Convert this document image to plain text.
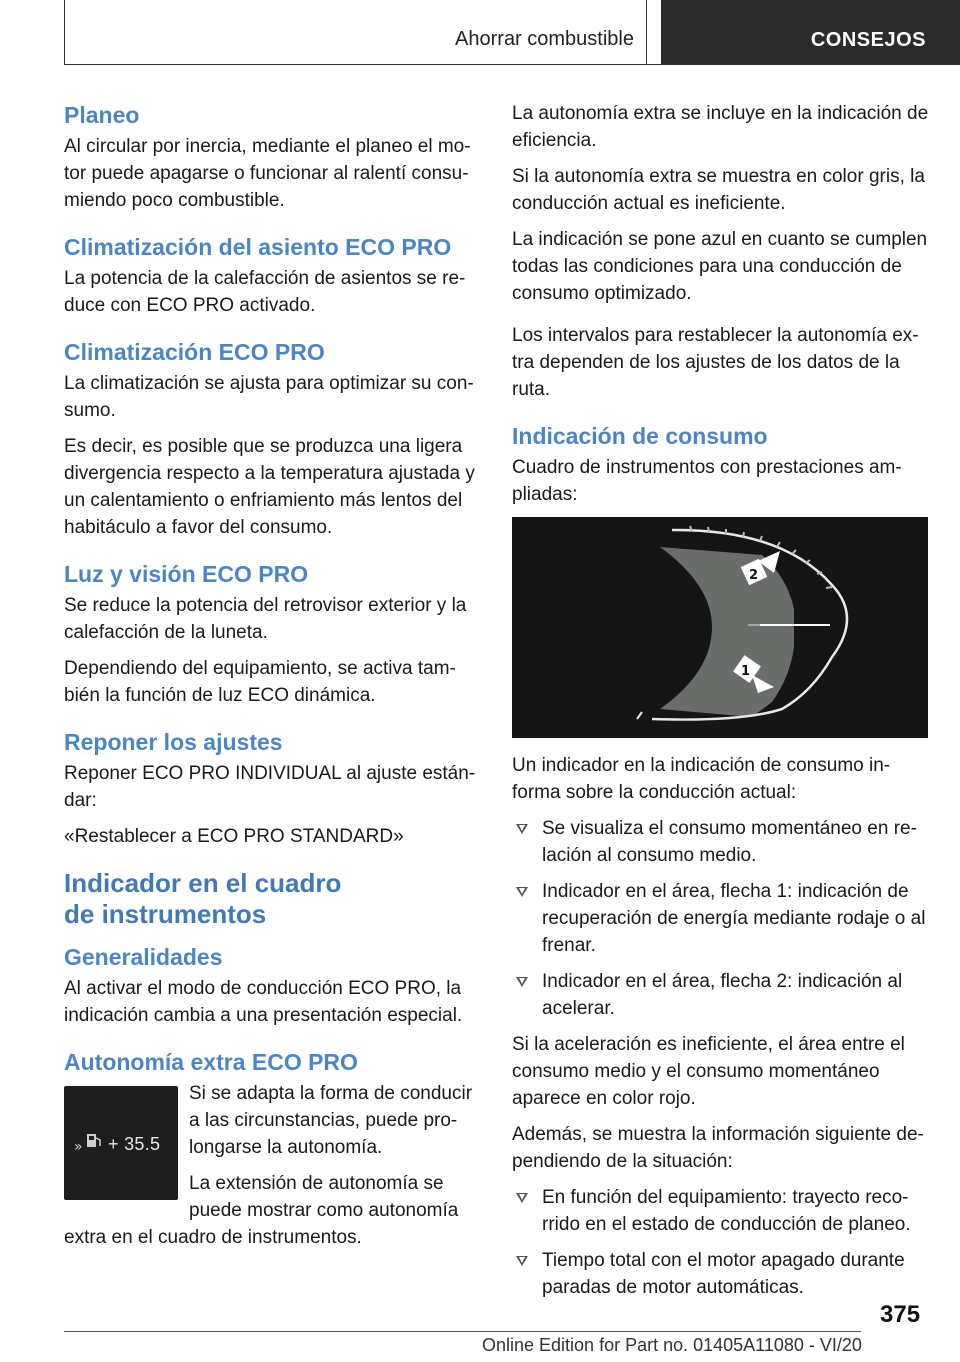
Ahorrar combustible	CONSEJOS
Planeo

Al circular por inercia, mediante el planeo el mo-tor puede apagarse o funcionar al ralentí consu-miendo poco combustible.

Climatización del asiento ECO PRO

La potencia de la calefacción de asientos se re-duce con ECO PRO activado.

Climatización ECO PRO

La climatización se ajusta para optimizar su con-sumo.

Es decir, es posible que se produzca una ligera divergencia respecto a la temperatura ajustada y un calentamiento o enfriamiento más lentos del habitáculo a favor del consumo.

Luz y visión ECO PRO

Se reduce la potencia del retrovisor exterior y la calefacción de la luneta.

Dependiendo del equipamiento, se activa tam-bién la función de luz ECO dinámica.

Reponer los ajustes

Reponer ECO PRO INDIVIDUAL al ajuste están-dar:

«Restablecer a ECO PRO STANDARD»

Indicador en el cuadro
de instrumentos
Generalidades

Al activar el modo de conducción ECO PRO, la indicación cambia a una presentación especial.

Autonomía extra ECO PRO
» + 35.5

Si se adapta la forma de conducir a las circunstancias, puede pro-longarse la autonomía.

La extensión de autonomía se puede mostrar como autonomía extra en el cuadro de instrumentos.

La autonomía extra se incluye en la indicación de eficiencia.

Si la autonomía extra se muestra en color gris, la conducción actual es ineficiente.

La indicación se pone azul en cuanto se cumplen todas las condiciones para una conducción de consumo optimizado.

Los intervalos para restablecer la autonomía ex-tra dependen de los ajustes de los datos de la ruta.

Indicación de consumo

Cuadro de instrumentos con prestaciones am-pliadas:

2
1

Un indicador en la indicación de consumo in-forma sobre la conducción actual:

Se visualiza el consumo momentáneo en re-lación al consumo medio.
Indicador en el área, flecha 1: indicación de recuperación de energía mediante rodaje o al frenar.
Indicador en el área, flecha 2: indicación al acelerar.

Si la aceleración es ineficiente, el área entre el consumo medio y el consumo momentáneo aparece en color rojo.

Además, se muestra la información siguiente de-pendiendo de la situación:

En función del equipamiento: trayecto reco-rrido en el estado de conducción de planeo.
Tiempo total con el motor apagado durante paradas de motor automáticas.
375
Online Edition for Part no. 01405A11080 - VI/20
